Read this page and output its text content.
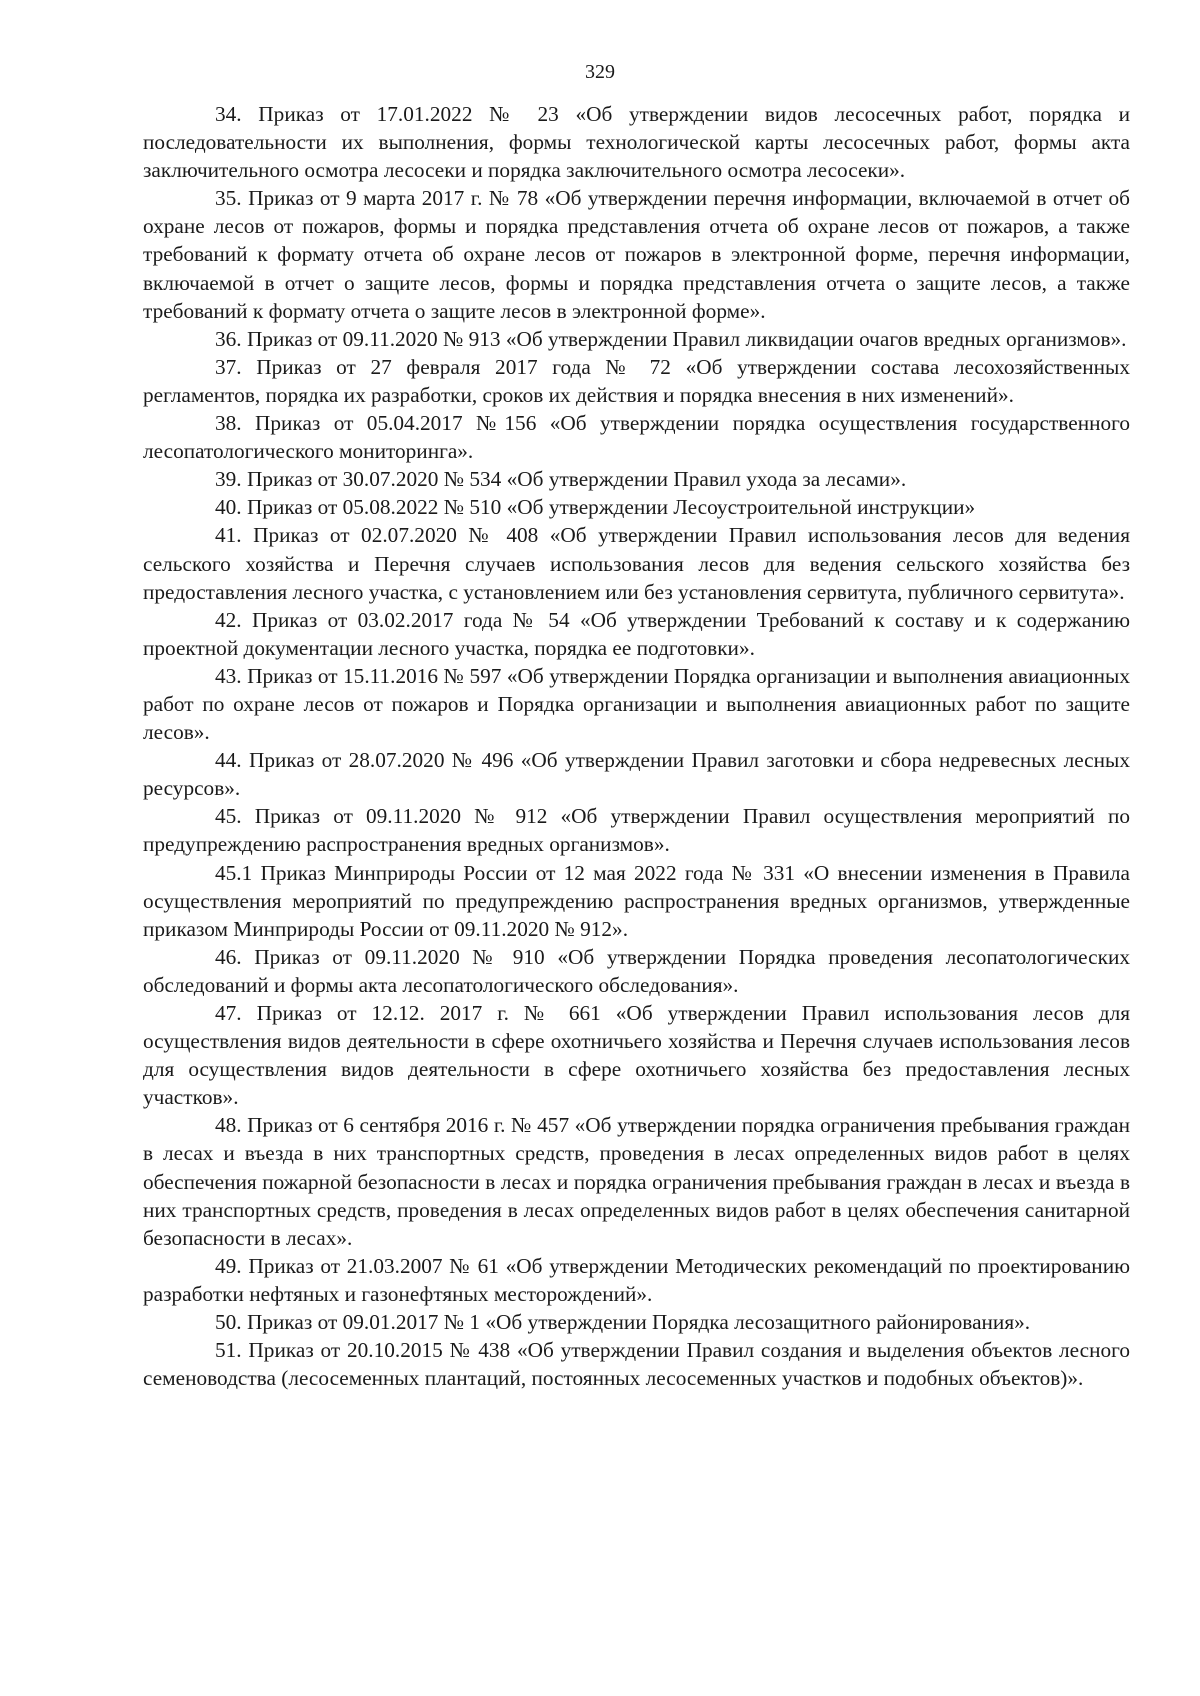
329

34. Приказ от 17.01.2022 № 23 «Об утверждении видов лесосечных работ, порядка и последовательности их выполнения, формы технологической карты лесосечных работ, формы акта заключительного осмотра лесосеки и порядка заключительного осмотра лесосеки».

35. Приказ от 9 марта 2017 г. № 78 «Об утверждении перечня информации, включаемой в отчет об охране лесов от пожаров, формы и порядка представления отчета об охране лесов от пожаров, а также требований к формату отчета об охране лесов от пожаров в электронной форме, перечня информации, включаемой в отчет о защите лесов, формы и порядка представления отчета о защите лесов, а также требований к формату отчета о защите лесов в электронной форме».

36. Приказ от 09.11.2020 № 913 «Об утверждении Правил ликвидации очагов вредных организмов».

37. Приказ от 27 февраля 2017 года № 72 «Об утверждении состава лесохозяйственных регламентов, порядка их разработки, сроков их действия и порядка внесения в них изменений».

38. Приказ от 05.04.2017 №156 «Об утверждении порядка осуществления государственного лесопатологического мониторинга».

39. Приказ от 30.07.2020 № 534 «Об утверждении Правил ухода за лесами».

40. Приказ от 05.08.2022 № 510 «Об утверждении Лесоустроительной инструкции»

41. Приказ от 02.07.2020 № 408 «Об утверждении Правил использования лесов для ведения сельского хозяйства и Перечня случаев использования лесов для ведения сельского хозяйства без предоставления лесного участка, с установлением или без установления сервитута, публичного сервитута».

42. Приказ от 03.02.2017 года № 54 «Об утверждении Требований к составу и к содержанию проектной документации лесного участка, порядка ее подготовки».

43. Приказ от 15.11.2016 № 597 «Об утверждении Порядка организации и выполнения авиационных работ по охране лесов от пожаров и Порядка организации и выполнения авиационных работ по защите лесов».

44. Приказ от 28.07.2020 № 496 «Об утверждении Правил заготовки и сбора недревесных лесных ресурсов».

45. Приказ от 09.11.2020 № 912 «Об утверждении Правил осуществления мероприятий по предупреждению распространения вредных организмов».

45.1 Приказ Минприроды России от 12 мая 2022 года № 331 «О внесении изменения в Правила осуществления мероприятий по предупреждению распространения вредных организмов, утвержденные приказом Минприроды России от 09.11.2020 № 912».

46. Приказ от 09.11.2020 № 910 «Об утверждении Порядка проведения лесопатологических обследований и формы акта лесопатологического обследования».

47. Приказ от 12.12. 2017 г. № 661 «Об утверждении Правил использования лесов для осуществления видов деятельности в сфере охотничьего хозяйства и Перечня случаев использования лесов для осуществления видов деятельности в сфере охотничьего хозяйства без предоставления лесных участков».

48. Приказ от 6 сентября 2016 г. № 457 «Об утверждении порядка ограничения пребывания граждан в лесах и въезда в них транспортных средств, проведения в лесах определенных видов работ в целях обеспечения пожарной безопасности в лесах и порядка ограничения пребывания граждан в лесах и въезда в них транспортных средств, проведения в лесах определенных видов работ в целях обеспечения санитарной безопасности в лесах».

49. Приказ от 21.03.2007 № 61 «Об утверждении Методических рекомендаций по проектированию разработки нефтяных и газонефтяных месторождений».

50. Приказ от 09.01.2017 № 1 «Об утверждении Порядка лесозащитного районирования».

51. Приказ от 20.10.2015 № 438 «Об утверждении Правил создания и выделения объектов лесного семеноводства (лесосеменных плантаций, постоянных лесосеменных участков и подобных объектов)».
